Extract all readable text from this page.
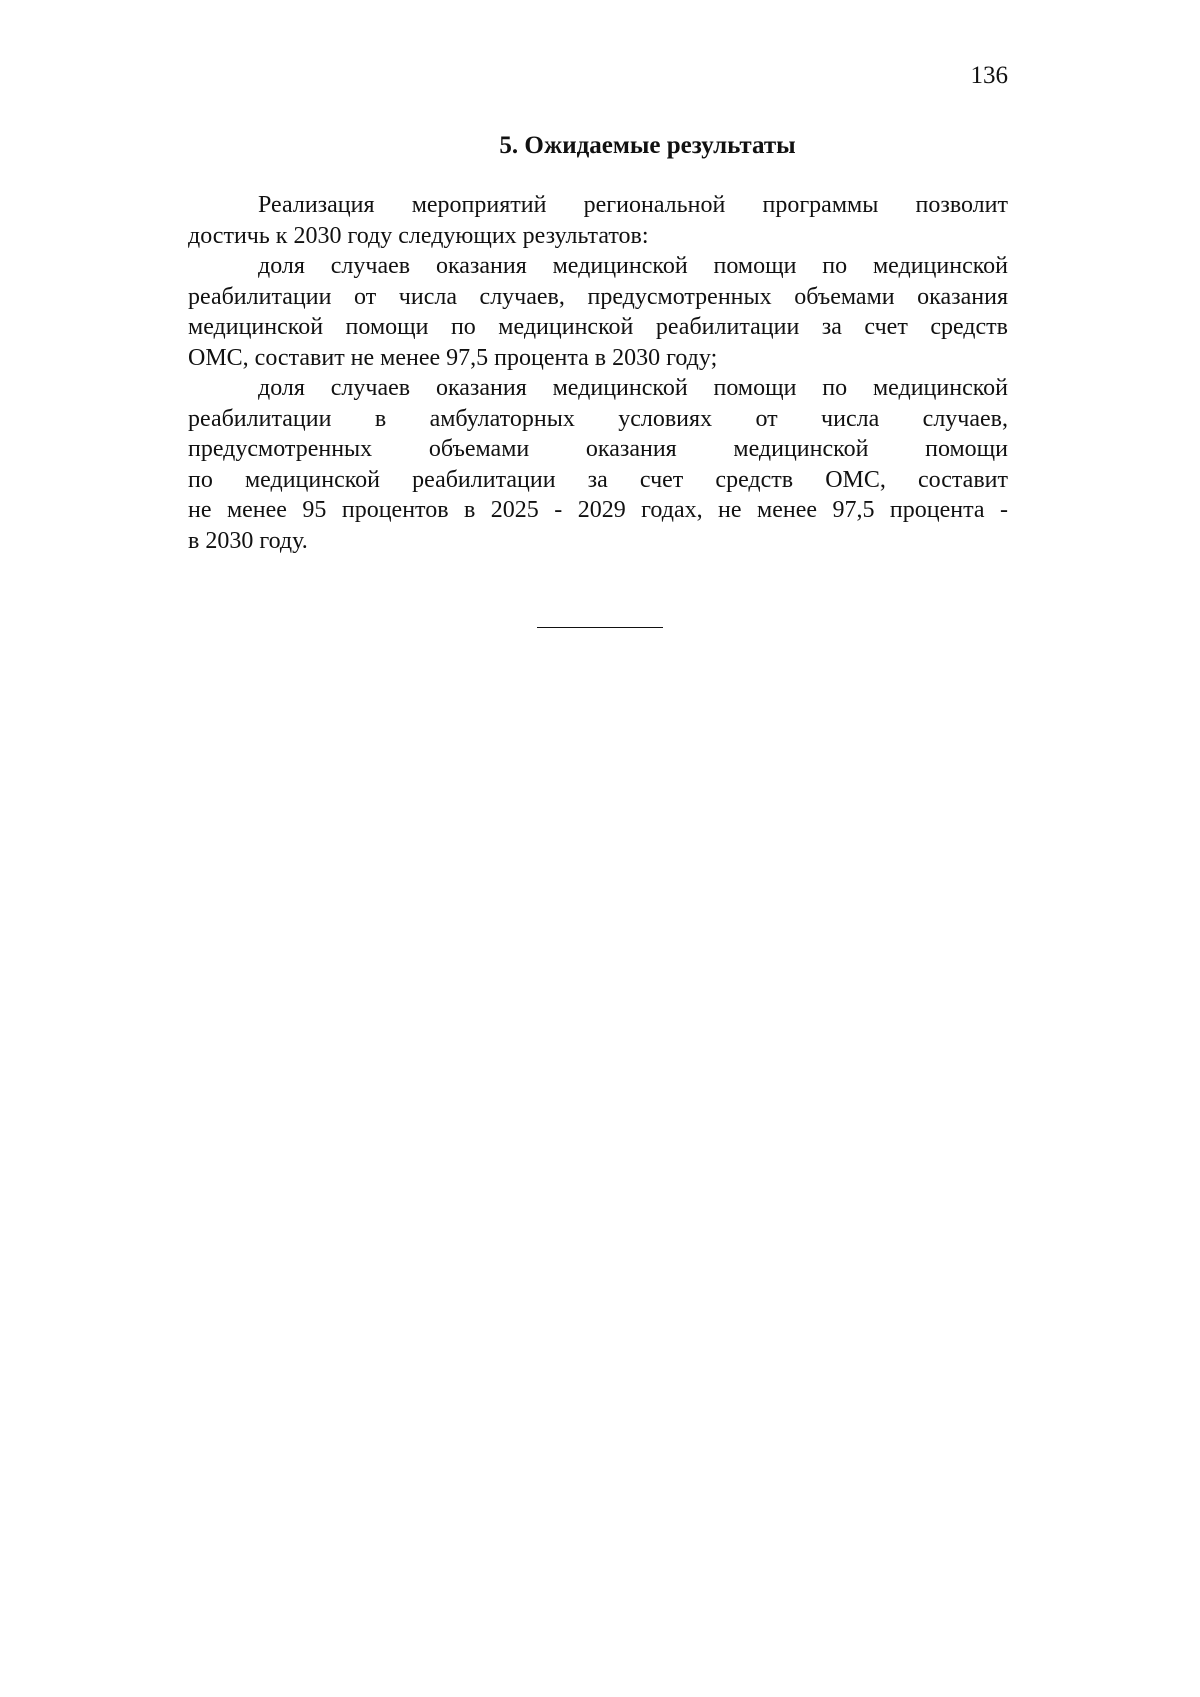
136
5. Ожидаемые результаты
Реализация мероприятий региональной программы позволит
достичь к 2030 году следующих результатов:
доля случаев оказания медицинской помощи по медицинской
реабилитации от числа случаев, предусмотренных объемами оказания
медицинской помощи по медицинской реабилитации за счет средств
ОМС, составит не менее 97,5 процента в 2030 году;
доля случаев оказания медицинской помощи по медицинской
реабилитации в амбулаторных условиях от числа случаев,
предусмотренных объемами оказания медицинской помощи
по медицинской реабилитации за счет средств ОМС, составит
не менее 95 процентов в 2025 - 2029 годах, не менее 97,5 процента -
в 2030 году.
